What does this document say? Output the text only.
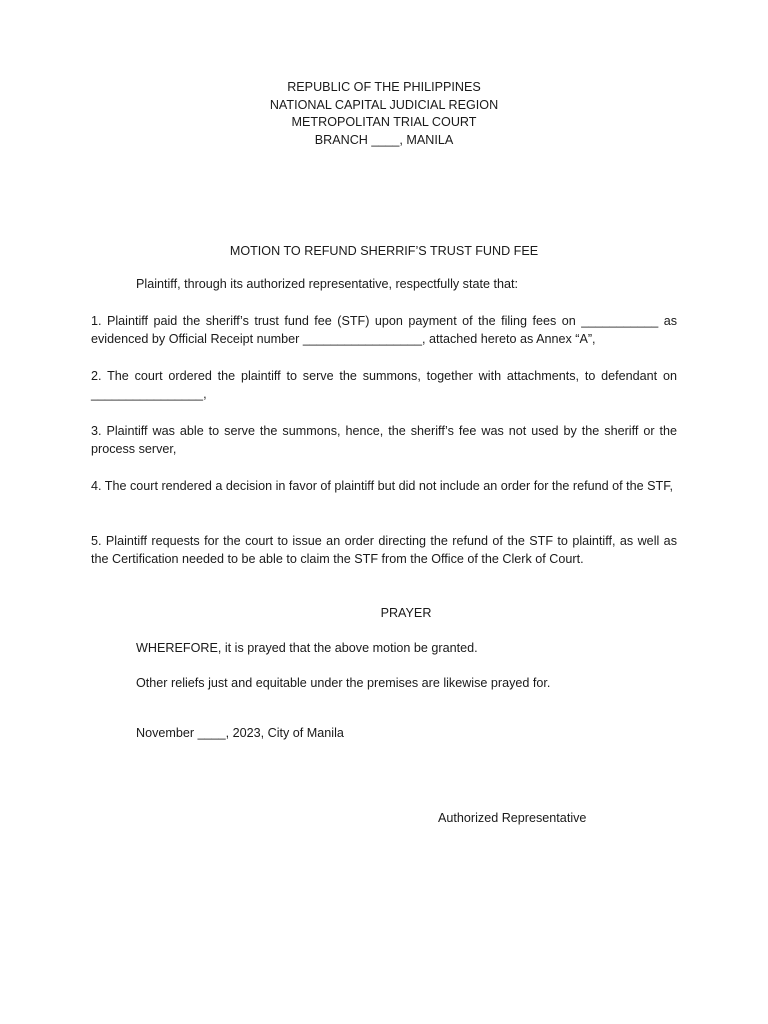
REPUBLIC OF THE PHILIPPINES
NATIONAL CAPITAL JUDICIAL REGION
METROPOLITAN TRIAL COURT
BRANCH ____, MANILA
MOTION TO REFUND SHERRIF’S TRUST FUND FEE
Plaintiff, through its authorized representative, respectfully state that:
1. Plaintiff paid the sheriff’s trust fund fee (STF) upon payment of the filing fees on ___________ as evidenced by Official Receipt number _________________, attached hereto as Annex “A”,
2. The court ordered the plaintiff to serve the summons, together with attachments, to defendant on ________________,
3. Plaintiff was able to serve the summons, hence, the sheriff’s fee was not used by the sheriff or the process server,
4. The court rendered a decision in favor of plaintiff but did not include an order for the refund of the STF,
5. Plaintiff requests for the court to issue an order directing the refund of the STF to plaintiff, as well as the Certification needed to be able to claim the STF from the Office of the Clerk of Court.
PRAYER
WHEREFORE, it is prayed that the above motion be granted.
Other reliefs just and equitable under the premises are likewise prayed for.
November ____, 2023, City of Manila
Authorized Representative
